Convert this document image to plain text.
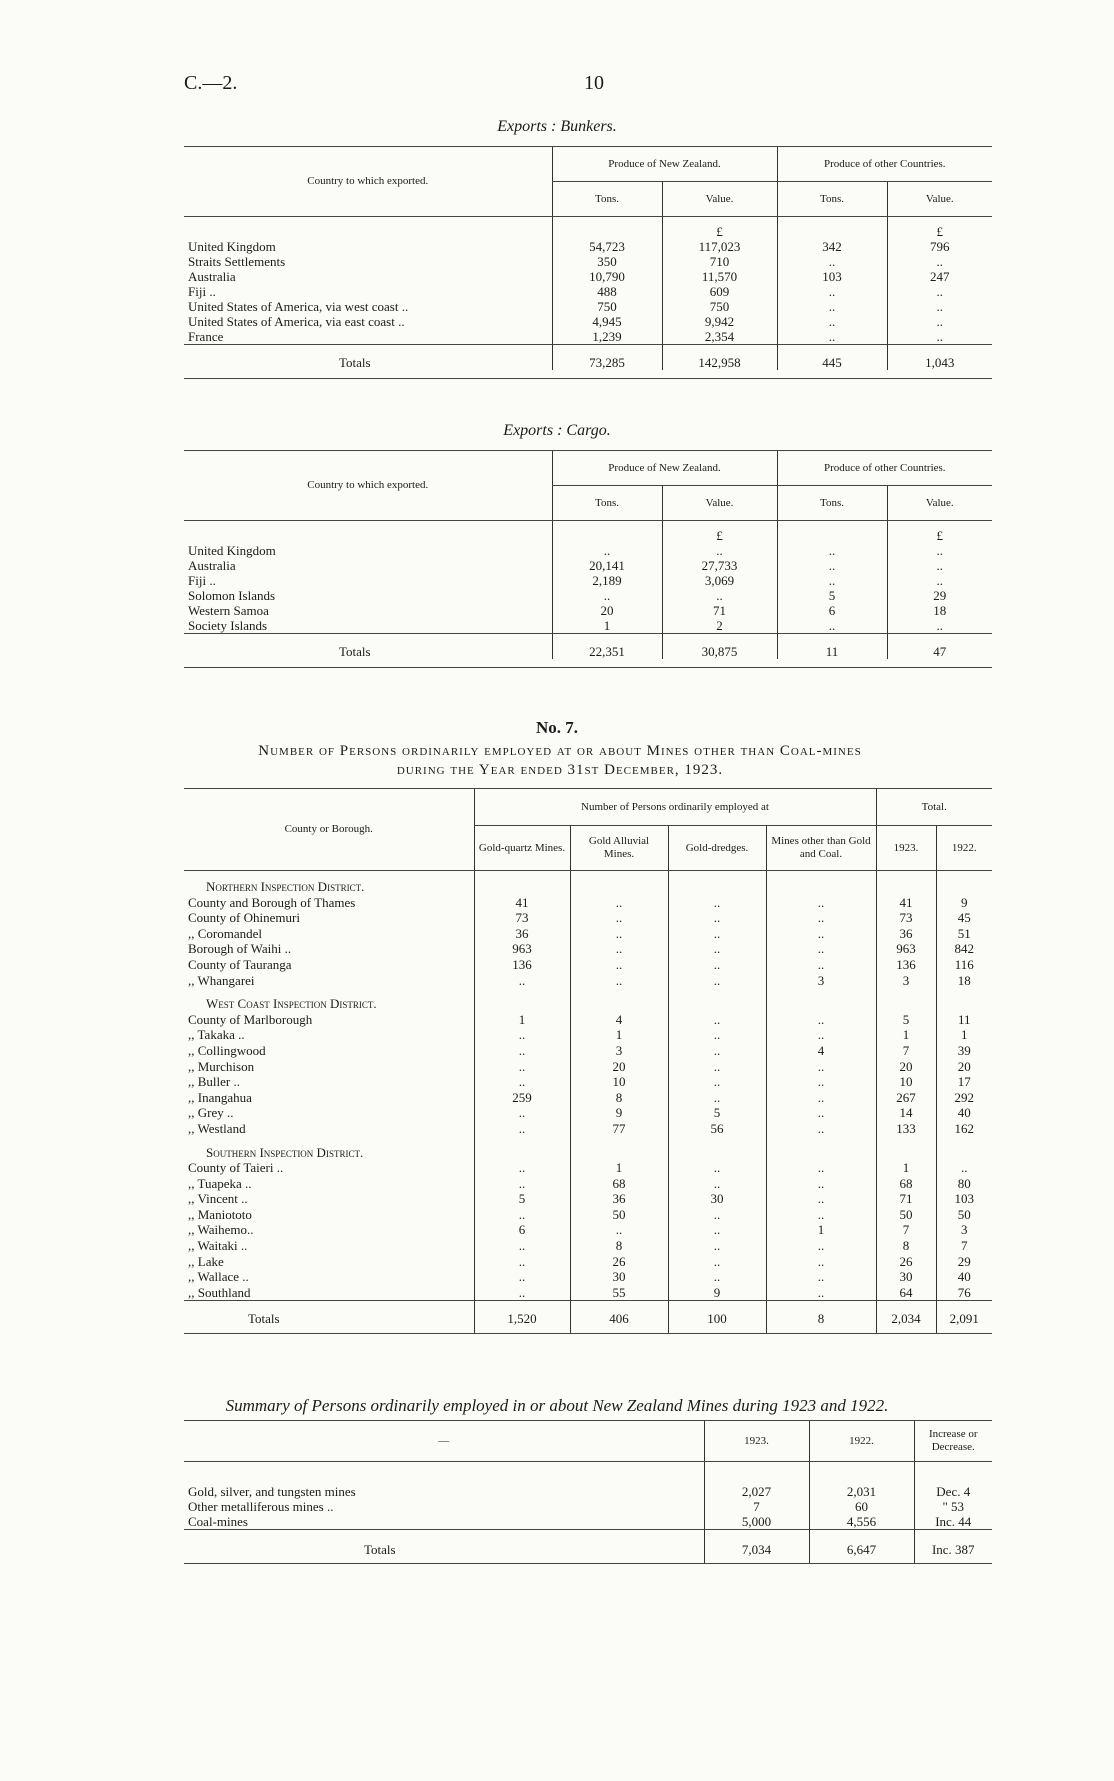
C.—2.	10
Exports : Bunkers.
Country to which exported.	Produce of New Zealand.		Produce of other Countries.	
	Tons.	Value.	Tons.	Value.
		£		£
United Kingdom	54,723	117,023	342	796
Straits Settlements	350	710	..	..
Australia	10,790	11,570	103	247
Fiji ..	488	609	..	..
United States of America, via west coast ..	750	750	..	..
United States of America, via east coast ..	4,945	9,942	..	..
France	1,239	2,354	..	..
Totals	73,285	142,958	445	1,043

Exports : Cargo.
Country to which exported.	Produce of New Zealand.		Produce of other Countries.	
	Tons.	Value.	Tons.	Value.
		£		£
United Kingdom	..	..	..	..
Australia	20,141	27,733	..	..
Fiji ..	2,189	3,069	..	..
Solomon Islands	..	..	5	29
Western Samoa	20	71	6	18
Society Islands	1	2	..	..
Totals	22,351	30,875	11	47

No. 7.
Number of Persons ordinarily employed at or about Mines other than Coal-mines
during the Year ended 31st December, 1923.
County or Borough.	Number of Persons ordinarily employed at				Total.	
	Gold-quartz Mines.	Gold Alluvial Mines.	Gold-dredges.	Mines other than Gold and Coal.	1923.	1922.
Northern Inspection District.						
County and Borough of Thames	41	..	..	..	41	9
County of Ohinemuri	73	..	..	..	73	45
,, Coromandel	36	..	..	..	36	51
Borough of Waihi ..	963	..	..	..	963	842
County of Tauranga	136	..	..	..	136	116
,, Whangarei	..	..	..	3	3	18
West Coast Inspection District.						
County of Marlborough	1	4	..	..	5	11
,, Takaka ..	..	1	..	..	1	1
,, Collingwood	..	3	..	4	7	39
,, Murchison	..	20	..	..	20	20
,, Buller ..	..	10	..	..	10	17
,, Inangahua	259	8	..	..	267	292
,, Grey ..	..	9	5	..	14	40
,, Westland	..	77	56	..	133	162
Southern Inspection District.						
County of Taieri ..	..	1	..	..	1	..
,, Tuapeka ..	..	68	..	..	68	80
,, Vincent ..	5	36	30	..	71	103
,, Maniototo	..	50	..	..	50	50
,, Waihemo..	6	..	..	1	7	3
,, Waitaki ..	..	8	..	..	8	7
,, Lake	..	26	..	..	26	29
,, Wallace ..	..	30	..	..	30	40
,, Southland	..	55	9	..	64	76
Totals	1,520	406	100	8	2,034	2,091
Summary of Persons ordinarily employed in or about New Zealand Mines during 1923 and 1922.
—	1923.	1922.	Increase or Decrease.

Gold, silver, and tungsten mines	2,027	2,031	Dec. 4
Other metalliferous mines ..	7	60	" 53
Coal-mines	5,000	4,556	Inc. 44
Totals	7,034	6,647	Inc. 387
